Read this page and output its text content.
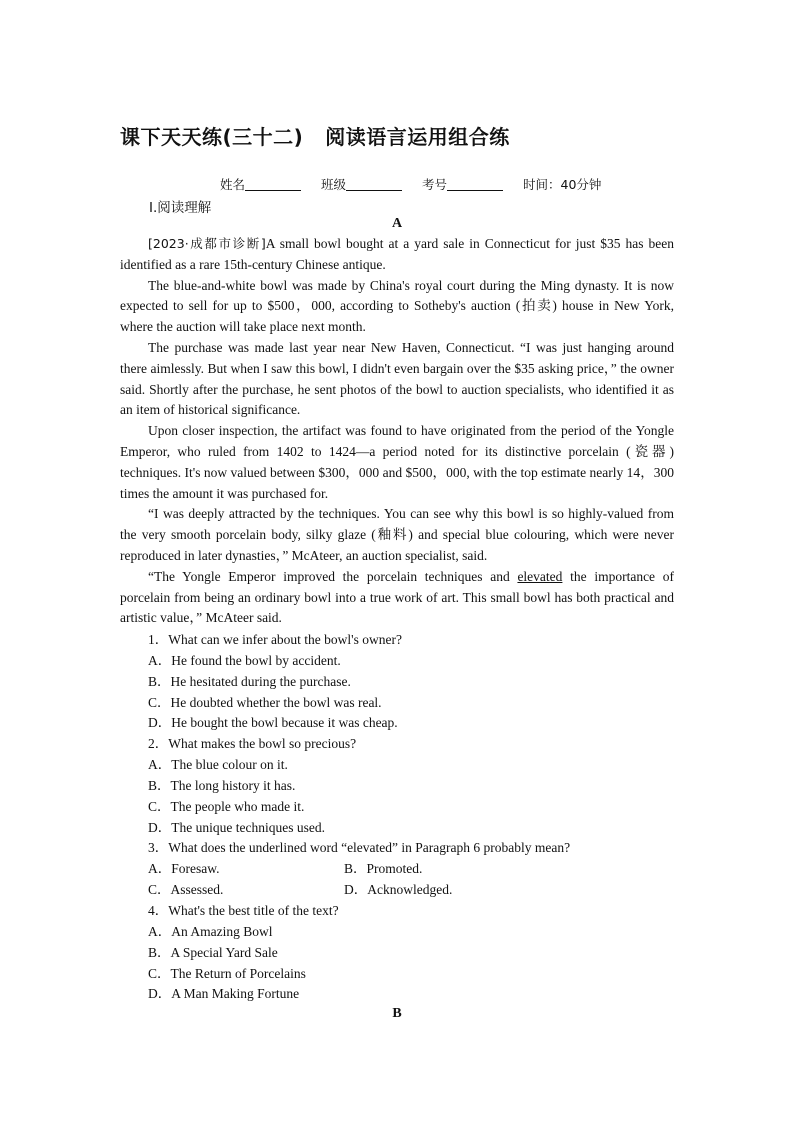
课下天天练(三十二) 阅读语言运用组合练
姓名	班级	考号	时间：40分钟
Ⅰ.阅读理解
A

[2023·成都市诊断]A small bowl bought at a yard sale in Connecticut for just $35 has been identified as a rare 15th-century Chinese antique.

The blue-and-white bowl was made by China's royal court during the Ming dynasty. It is now expected to sell for up to $500，000, according to Sotheby's auction (拍卖) house in New York, where the auction will take place next month.

The purchase was made last year near New Haven, Connecticut. “I was just hanging around there aimlessly. But when I saw this bowl, I didn't even bargain over the $35 asking price，” the owner said. Shortly after the purchase, he sent photos of the bowl to auction specialists, who identified it as an item of historical significance.

Upon closer inspection, the artifact was found to have originated from the period of the Yongle Emperor, who ruled from 1402 to 1424—a period noted for its distinctive porcelain (瓷器) techniques. It's now valued between $300，000 and $500，000, with the top estimate nearly 14，300 times the amount it was purchased for.

“I was deeply attracted by the techniques. You can see why this bowl is so highly-valued from the very smooth porcelain body, silky glaze (釉料) and special blue colouring, which were never reproduced in later dynasties，” McAteer, an auction specialist, said.

“The Yongle Emperor improved the porcelain techniques and elevated the importance of porcelain from being an ordinary bowl into a true work of art. This small bowl has both practical and artistic value，” McAteer said.

1．What can we infer about the bowl's owner?
A．He found the bowl by accident.
B．He hesitated during the purchase.
C．He doubted whether the bowl was real.
D．He bought the bowl because it was cheap.
2．What makes the bowl so precious?
A．The blue colour on it.
B．The long history it has.
C．The people who made it.
D．The unique techniques used.
3．What does the underlined word “elevated” in Paragraph 6 probably mean?
A．Foresaw.	B．Promoted.
C．Assessed.	D．Acknowledged.
4．What's the best title of the text?
A．An Amazing Bowl
B．A Special Yard Sale
C．The Return of Porcelains
D．A Man Making Fortune
B
